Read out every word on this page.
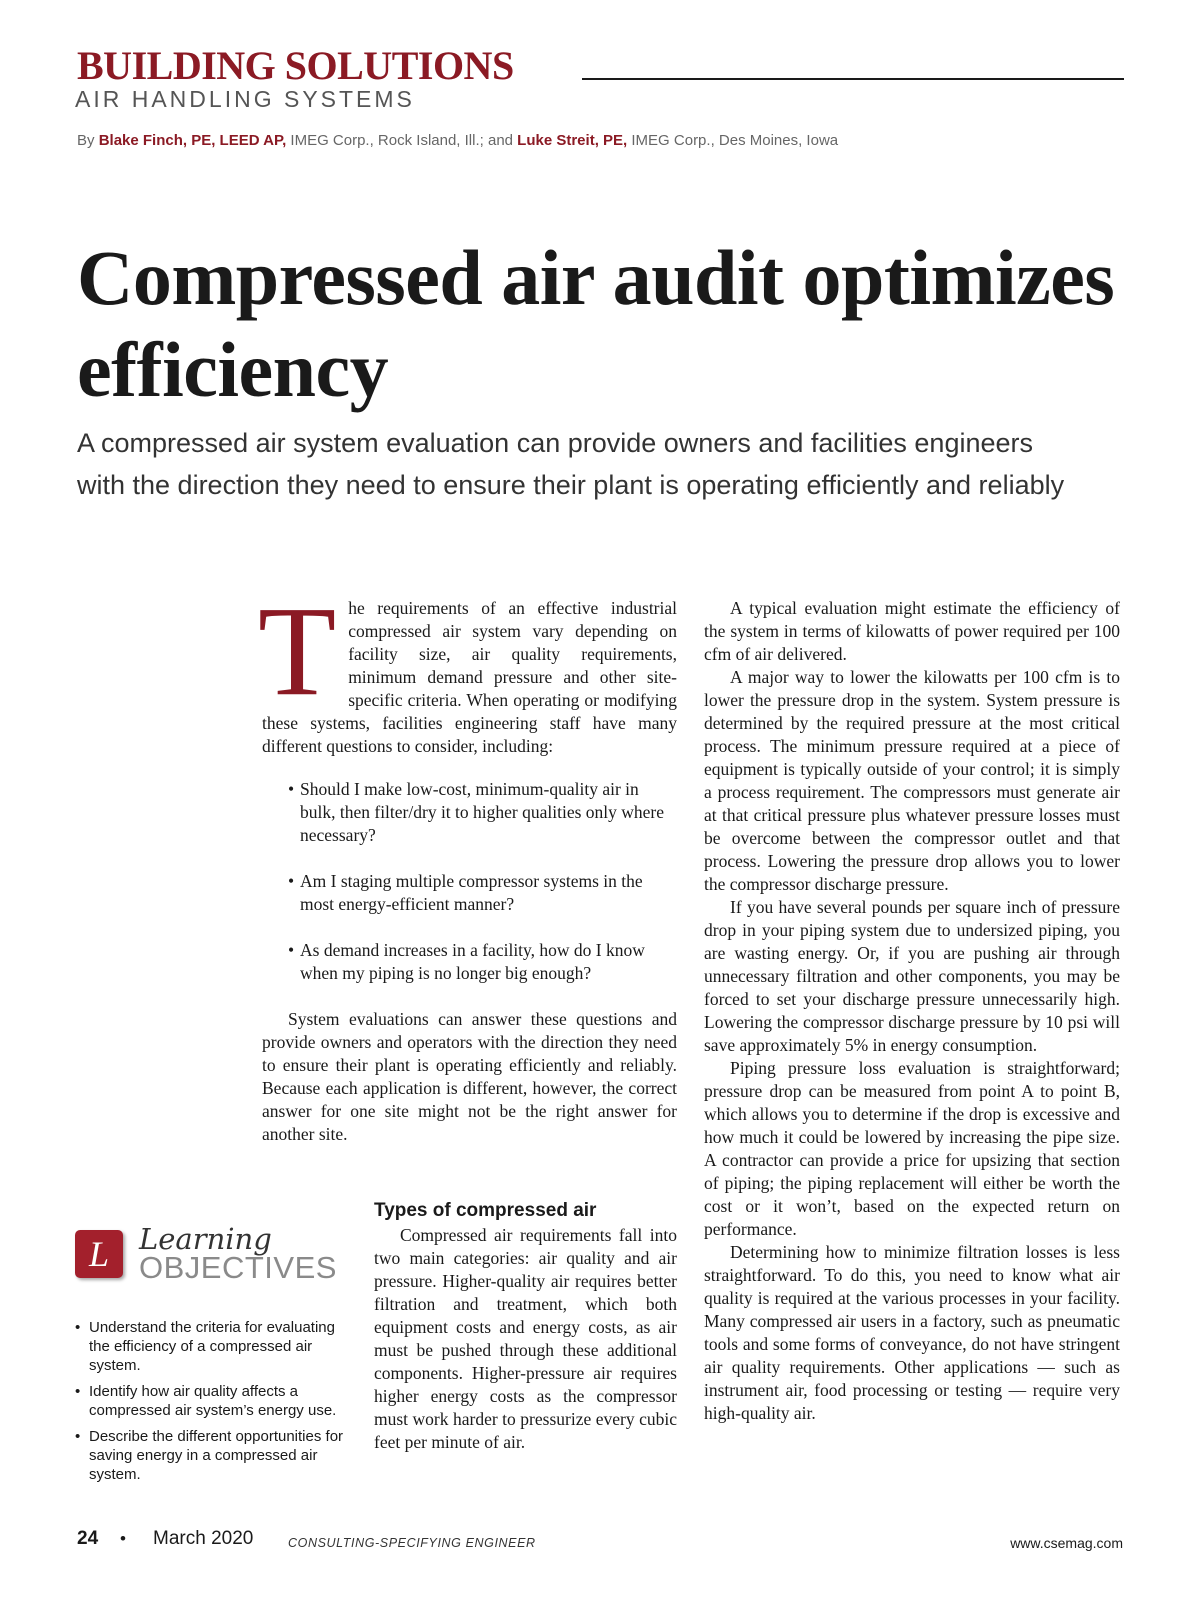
BUILDING SOLUTIONS
AIR HANDLING SYSTEMS
By Blake Finch, PE, LEED AP, IMEG Corp., Rock Island, Ill.; and Luke Streit, PE, IMEG Corp., Des Moines, Iowa
Compressed air audit optimizes efficiency

A compressed air system evaluation can provide owners and facilities engineers with the direction they need to ensure their plant is operating efficiently and reliably

The requirements of an effective industrial compressed air system vary depending on facility size, air quality requirements, minimum demand pressure and other site-specific criteria. When operating or modifying these systems, facilities engineering staff have many different questions to consider, including:

• Should I make low-cost, minimum-quality air in bulk, then filter/dry it to higher qualities only where necessary?
• Am I staging multiple compressor systems in the most energy-efficient manner?
• As demand increases in a facility, how do I know when my piping is no longer big enough?

System evaluations can answer these questions and provide owners and operators with the direction they need to ensure their plant is operating efficiently and reliably. Because each application is different, however, the correct answer for one site might not be the right answer for another site.

Types of compressed air

Compressed air requirements fall into two main categories: air quality and air pressure. Higher-quality air requires better filtration and treatment, which both equipment costs and energy costs, as air must be pushed through these additional components. Higher-pressure air requires higher energy costs as the compressor must work harder to pressurize every cubic feet per minute of air.

A typical evaluation might estimate the efficiency of the system in terms of kilowatts of power required per 100 cfm of air delivered.

A major way to lower the kilowatts per 100 cfm is to lower the pressure drop in the system. System pressure is determined by the required pressure at the most critical process. The minimum pressure required at a piece of equipment is typically outside of your control; it is simply a process requirement. The compressors must generate air at that critical pressure plus whatever pressure losses must be overcome between the compressor outlet and that process. Lowering the pressure drop allows you to lower the compressor discharge pressure.

If you have several pounds per square inch of pressure drop in your piping system due to undersized piping, you are wasting energy. Or, if you are pushing air through unnecessary filtration and other components, you may be forced to set your discharge pressure unnecessarily high. Lowering the compressor discharge pressure by 10 psi will save approximately 5% in energy consumption.

Piping pressure loss evaluation is straightforward; pressure drop can be measured from point A to point B, which allows you to determine if the drop is excessive and how much it could be lowered by increasing the pipe size. A contractor can provide a price for upsizing that section of piping; the piping replacement will either be worth the cost or it won’t, based on the expected return on performance.

Determining how to minimize filtration losses is less straightforward. To do this, you need to know what air quality is required at the various processes in your facility. Many compressed air users in a factory, such as pneumatic tools and some forms of conveyance, do not have stringent air quality requirements. Other applications — such as instrument air, food processing or testing — require very high-quality air.

L	Learning
OBJECTIVES
• Understand the criteria for evaluating the efficiency of a compressed air system.
• Identify how air quality affects a compressed air system’s energy use.
• Describe the different opportunities for saving energy in a compressed air system.
24 • March 2020	CONSULTING-SPECIFYING ENGINEER	www.csemag.com
